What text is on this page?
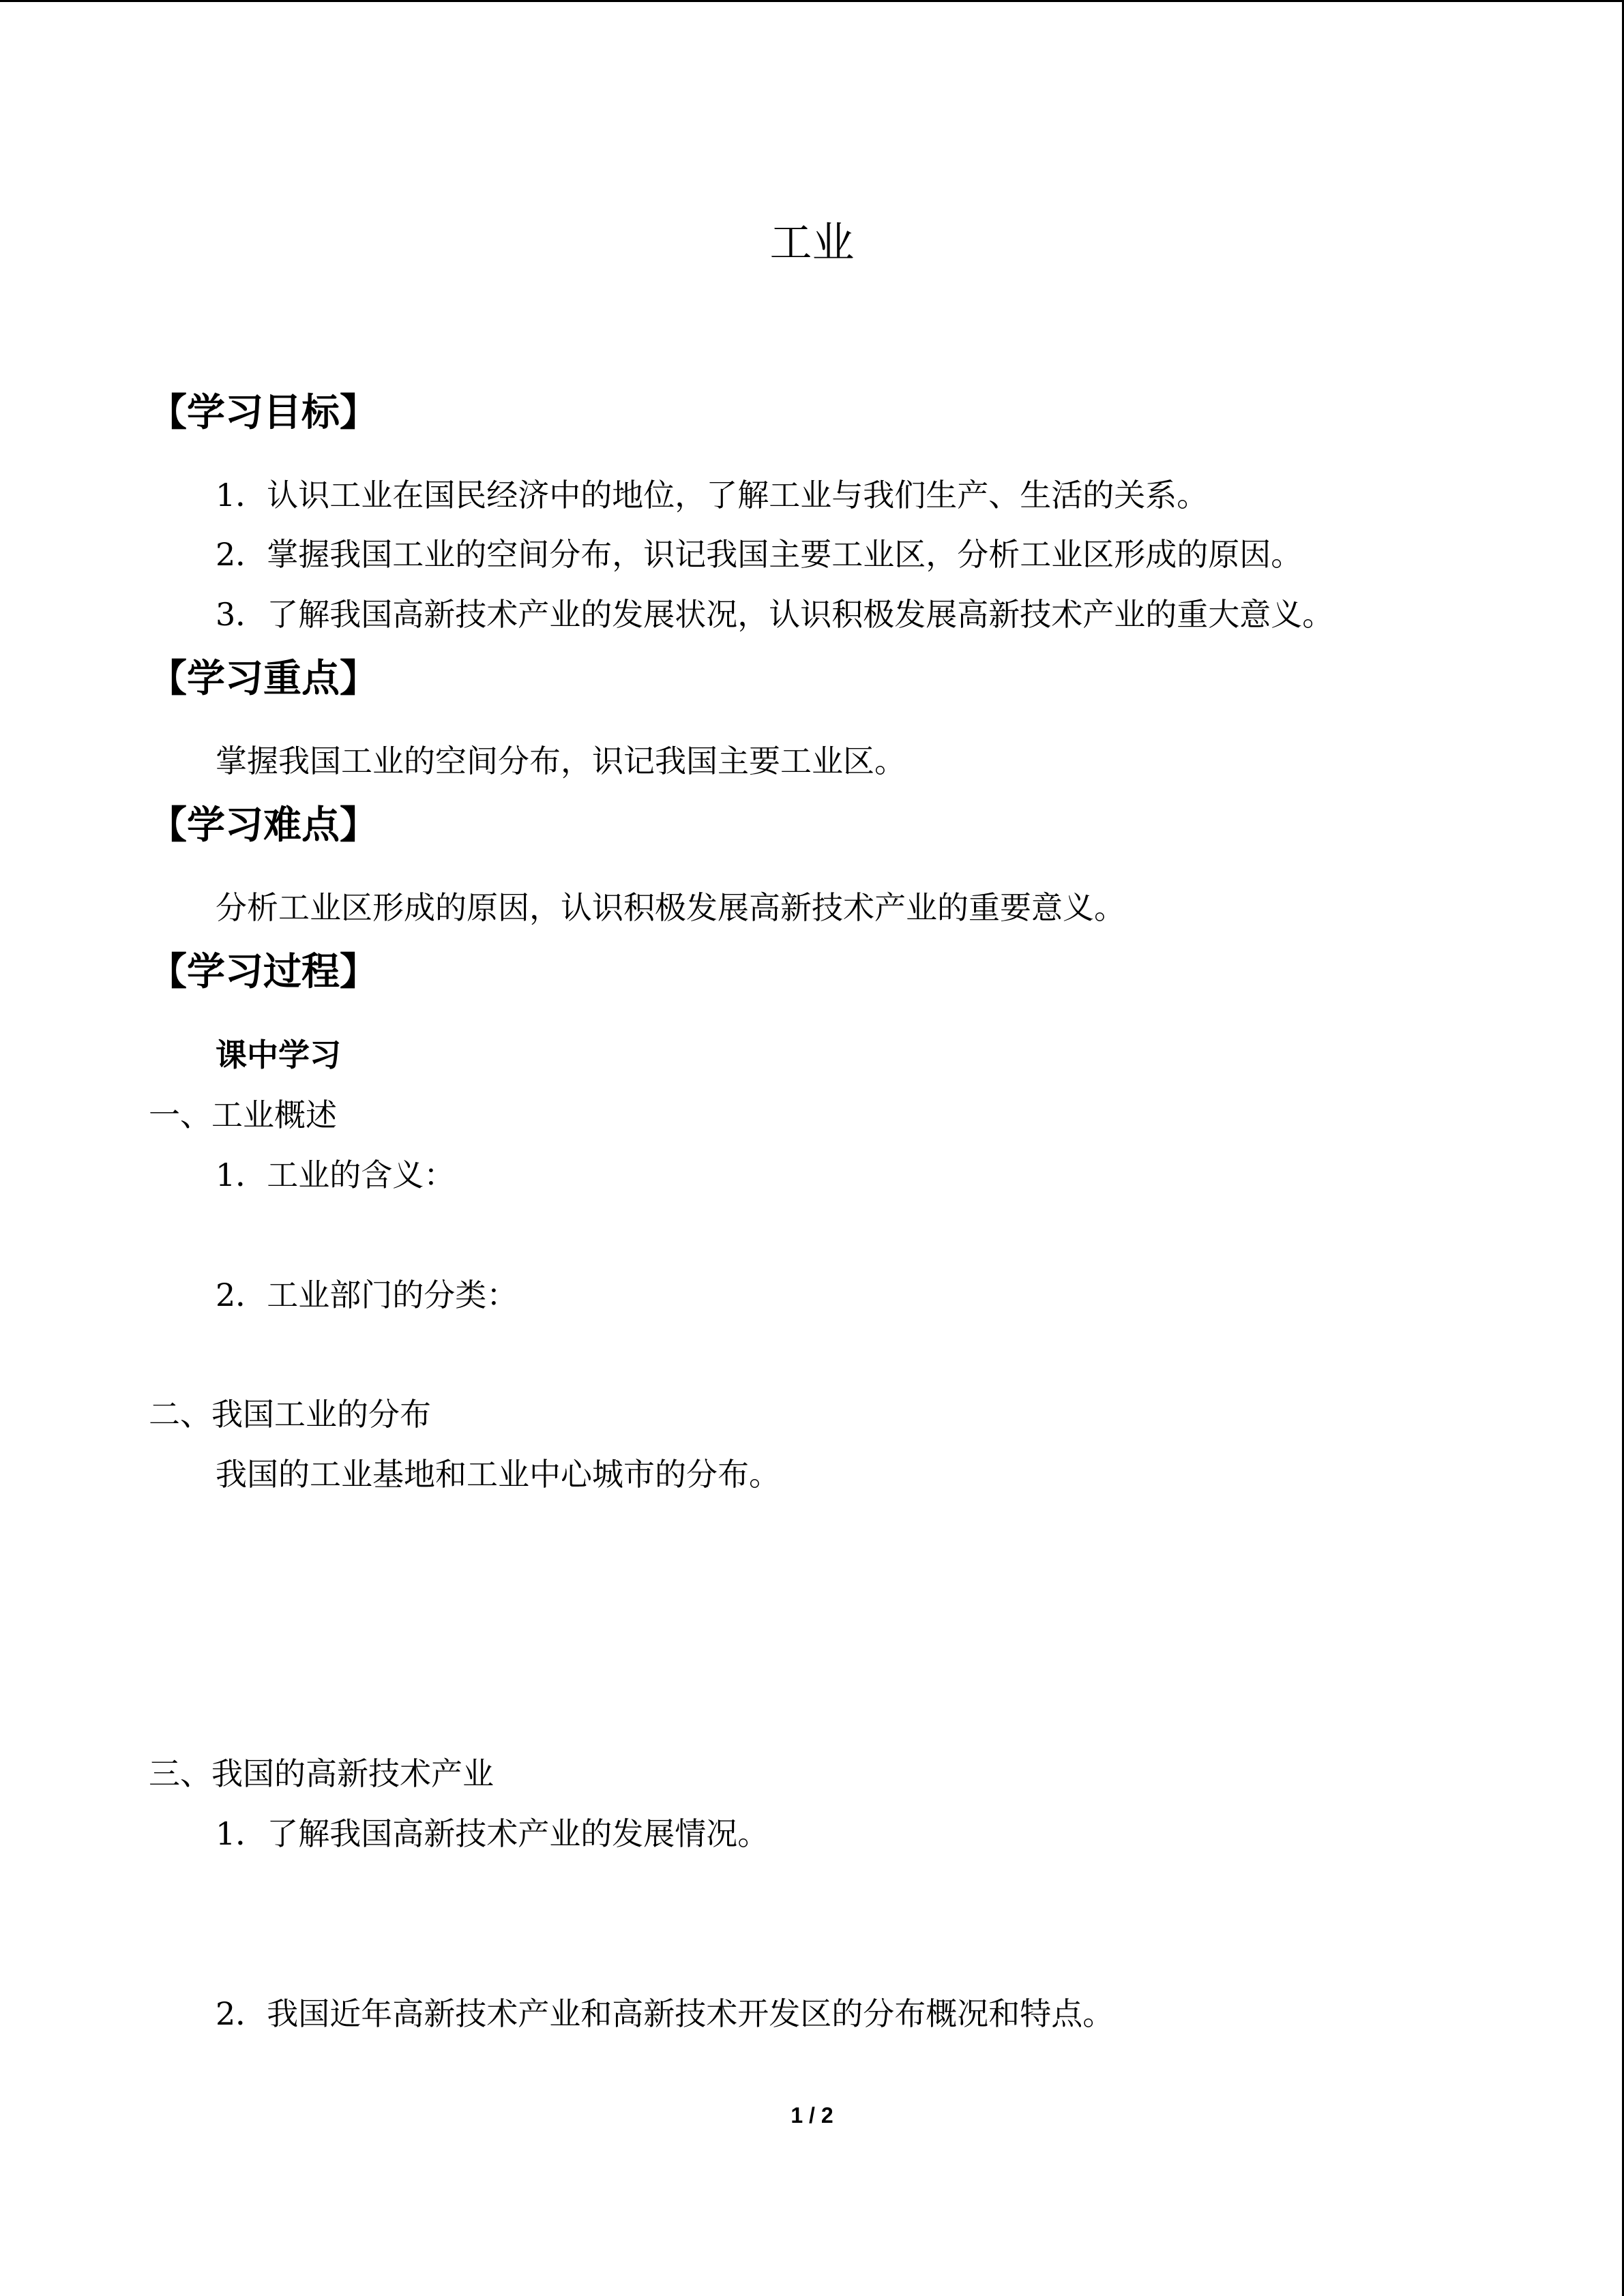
工业
【学习目标】
1．认识工业在国民经济中的地位，了解工业与我们生产、生活的关系。
2．掌握我国工业的空间分布，识记我国主要工业区，分析工业区形成的原因。
3．了解我国高新技术产业的发展状况，认识积极发展高新技术产业的重大意义。
【学习重点】
掌握我国工业的空间分布，识记我国主要工业区。
【学习难点】
分析工业区形成的原因，认识积极发展高新技术产业的重要意义。
【学习过程】
课中学习
一、工业概述
1．工业的含义：
2．工业部门的分类：
二、我国工业的分布
我国的工业基地和工业中心城市的分布。
三、我国的高新技术产业
1．了解我国高新技术产业的发展情况。
2．我国近年高新技术产业和高新技术开发区的分布概况和特点。
1 / 2
